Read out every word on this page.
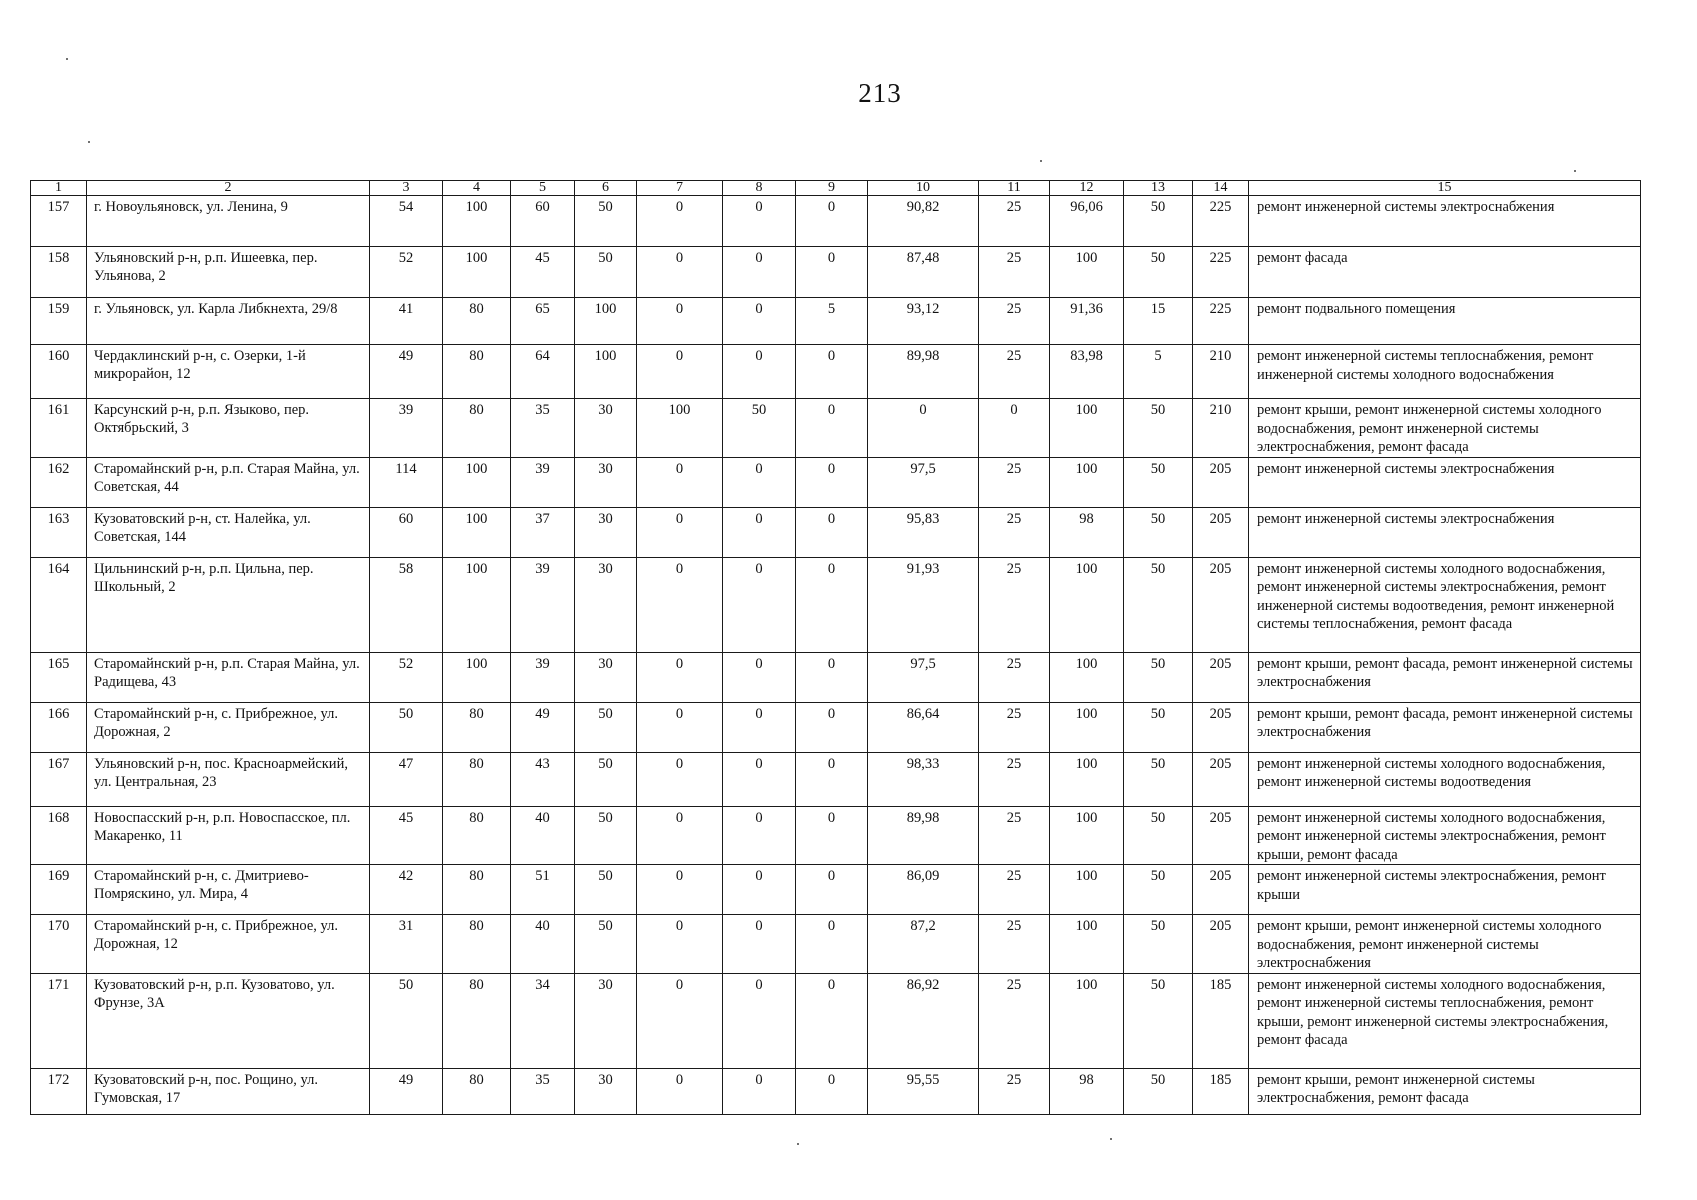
213
1	2	3	4	5	6	7	8	9	10	11	12	13	14	15
157	г. Новоульяновск, ул. Ленина, 9	54	100	60	50	0	0	0	90,82	25	96,06	50	225	ремонт инженерной системы электроснабжения
158	Ульяновский р-н, р.п. Ишеевка, пер. Ульянова, 2	52	100	45	50	0	0	0	87,48	25	100	50	225	ремонт фасада
159	г. Ульяновск, ул. Карла Либкнехта, 29/8	41	80	65	100	0	0	5	93,12	25	91,36	15	225	ремонт подвального помещения
160	Чердаклинский р-н, с. Озерки, 1-й микрорайон, 12	49	80	64	100	0	0	0	89,98	25	83,98	5	210	ремонт инженерной системы теплоснабжения, ремонт инженерной системы холодного водоснабжения
161	Карсунский р-н, р.п. Языково, пер. Октябрьский, 3	39	80	35	30	100	50	0	0	0	100	50	210	ремонт крыши, ремонт инженерной системы холодного водоснабжения, ремонт инженерной системы электроснабжения, ремонт фасада
162	Старомайнский р-н, р.п. Старая Майна, ул. Советская, 44	114	100	39	30	0	0	0	97,5	25	100	50	205	ремонт инженерной системы электроснабжения
163	Кузоватовский р-н, ст. Налейка, ул. Советская, 144	60	100	37	30	0	0	0	95,83	25	98	50	205	ремонт инженерной системы электроснабжения
164	Цильнинский р-н, р.п. Цильна, пер. Школьный, 2	58	100	39	30	0	0	0	91,93	25	100	50	205	ремонт инженерной системы холодного водоснабжения, ремонт инженерной системы электроснабжения, ремонт инженерной системы водоотведения, ремонт инженерной системы теплоснабжения, ремонт фасада
165	Старомайнский р-н, р.п. Старая Майна, ул. Радищева, 43	52	100	39	30	0	0	0	97,5	25	100	50	205	ремонт крыши, ремонт фасада, ремонт инженерной системы электроснабжения
166	Старомайнский р-н, с. Прибрежное, ул. Дорожная, 2	50	80	49	50	0	0	0	86,64	25	100	50	205	ремонт крыши, ремонт фасада, ремонт инженерной системы электроснабжения
167	Ульяновский р-н, пос. Красноармейский, ул. Центральная, 23	47	80	43	50	0	0	0	98,33	25	100	50	205	ремонт инженерной системы холодного водоснабжения, ремонт инженерной системы водоотведения
168	Новоспасский р-н, р.п. Новоспасское, пл. Макаренко, 11	45	80	40	50	0	0	0	89,98	25	100	50	205	ремонт инженерной системы холодного водоснабжения, ремонт инженерной системы электроснабжения, ремонт крыши, ремонт фасада
169	Старомайнский р-н, с. Дмитриево-Помряскино, ул. Мира, 4	42	80	51	50	0	0	0	86,09	25	100	50	205	ремонт инженерной системы электроснабжения, ремонт крыши
170	Старомайнский р-н, с. Прибрежное, ул. Дорожная, 12	31	80	40	50	0	0	0	87,2	25	100	50	205	ремонт крыши, ремонт инженерной системы холодного водоснабжения, ремонт инженерной системы электроснабжения
171	Кузоватовский р-н, р.п. Кузоватово, ул. Фрунзе, 3А	50	80	34	30	0	0	0	86,92	25	100	50	185	ремонт инженерной системы холодного водоснабжения, ремонт инженерной системы теплоснабжения, ремонт крыши, ремонт инженерной системы электроснабжения, ремонт фасада
172	Кузоватовский р-н, пос. Рощино, ул. Гумовская, 17	49	80	35	30	0	0	0	95,55	25	98	50	185	ремонт крыши, ремонт инженерной системы электроснабжения, ремонт фасада
